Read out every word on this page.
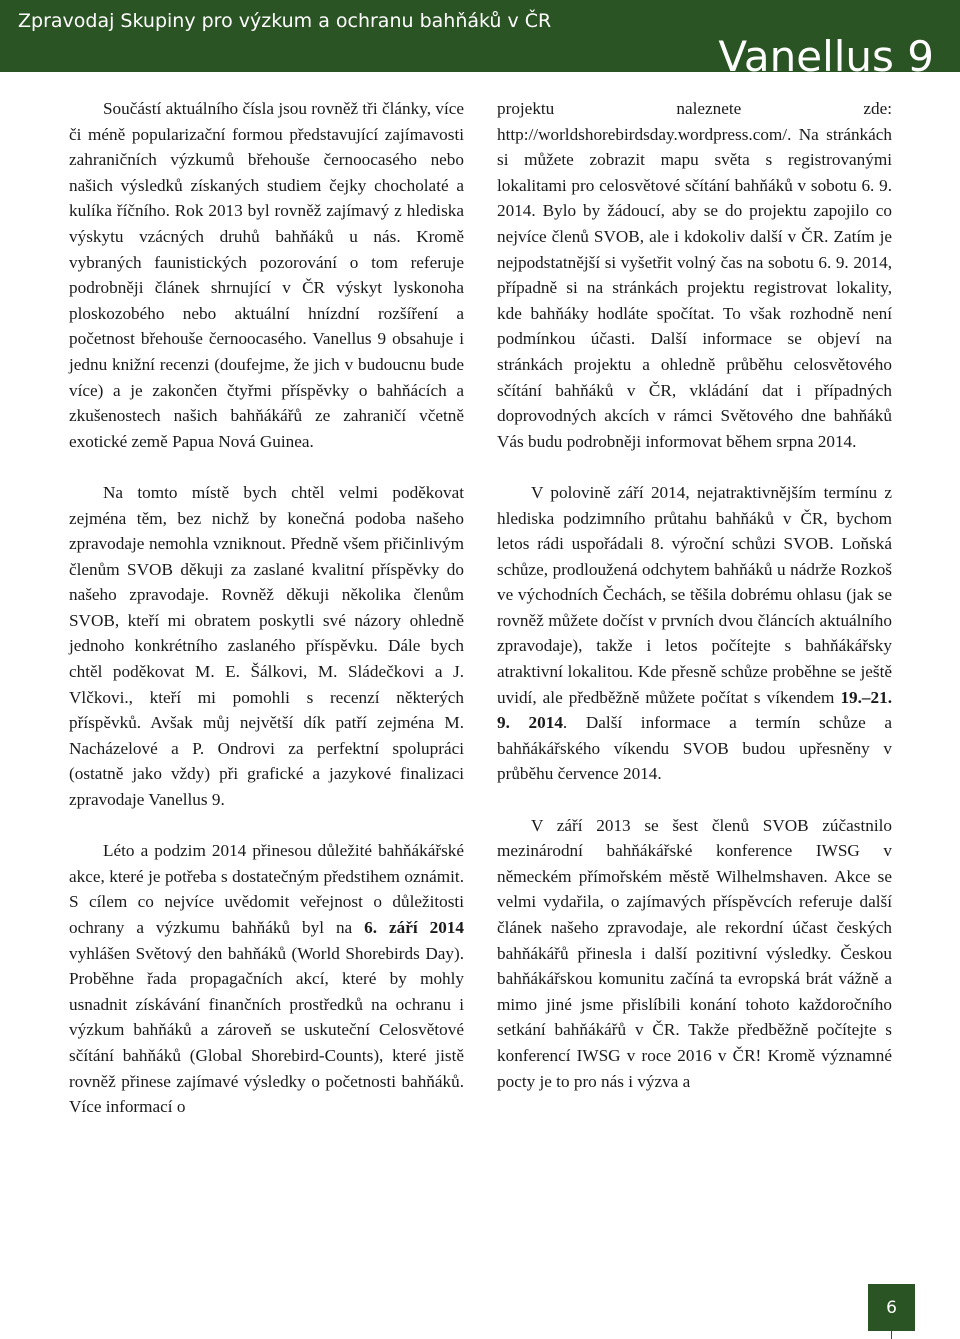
Zpravodaj Skupiny pro výzkum a ochranu bahňáků v ČR
Vanellus 9

Součástí aktuálního čísla jsou rovněž tři články, více či méně popularizační formou představující zajímavosti zahraničních výzkumů břehouše černoocasého nebo našich výsledků získaných studiem čejky chocholaté a kulíka říčního. Rok 2013 byl rovněž zajímavý z hlediska výskytu vzácných druhů bahňáků u nás. Kromě vybraných faunistických pozorování o tom referuje podrobněji článek shrnující v ČR výskyt lyskonoha ploskozobého nebo aktuální hnízdní rozšíření a početnost břehouše černoocasého. Vanellus 9 obsahuje i jednu knižní recenzi (doufejme, že jich v budoucnu bude více) a je zakončen čtyřmi příspěvky o bahňácích a zkušenostech našich bahňákářů ze zahraničí včetně exotické země Papua Nová Guinea.

Na tomto místě bych chtěl velmi poděkovat zejména těm, bez nichž by konečná podoba našeho zpravodaje nemohla vzniknout. Předně všem přičinlivým členům SVOB děkuji za zaslané kvalitní příspěvky do našeho zpravodaje. Rovněž děkuji několika členům SVOB, kteří mi obratem poskytli své názory ohledně jednoho konkrétního zaslaného příspěvku. Dále bych chtěl poděkovat M. E. Šálkovi, M. Sládečkovi a J. Vlčkovi., kteří mi pomohli s recenzí některých příspěvků. Avšak můj největší dík patří zejména M. Nacházelové a P. Ondrovi za perfektní spolupráci (ostatně jako vždy) při grafické a jazykové finalizaci zpravodaje Vanellus 9.

Léto a podzim 2014 přinesou důležité bahňákářské akce, které je potřeba s dostatečným předstihem oznámit. S cílem co nejvíce uvědomit veřejnost o důležitosti ochrany a výzkumu bahňáků byl na 6. září 2014 vyhlášen Světový den bahňáků (World Shorebirds Day). Proběhne řada propagačních akcí, které by mohly usnadnit získávání finančních prostředků na ochranu i výzkum bahňáků a zároveň se uskuteční Celosvětové sčítání bahňáků (Global Shorebird-Counts), které jistě rovněž přinese zajímavé výsledky o početnosti bahňáků. Více informací o

projektu naleznete zde: http://worldshorebirdsday.wordpress.com/. Na stránkách si můžete zobrazit mapu světa s registrovanými lokalitami pro celosvětové sčítání bahňáků v sobotu 6. 9. 2014. Bylo by žádoucí, aby se do projektu zapojilo co nejvíce členů SVOB, ale i kdokoliv další v ČR. Zatím je nejpodstatnější si vyšetřit volný čas na sobotu 6. 9. 2014, případně si na stránkách projektu registrovat lokality, kde bahňáky hodláte spočítat. To však rozhodně není podmínkou účasti. Další informace se objeví na stránkách projektu a ohledně průběhu celosvětového sčítání bahňáků v ČR, vkládání dat i případných doprovodných akcích v rámci Světového dne bahňáků Vás budu podrobněji informovat během srpna 2014.

V polovině září 2014, nejatraktivnějším termínu z hlediska podzimního průtahu bahňáků v ČR, bychom letos rádi uspořádali 8. výroční schůzi SVOB. Loňská schůze, prodloužená odchytem bahňáků u nádrže Rozkoš ve východních Čechách, se těšila dobrému ohlasu (jak se rovněž můžete dočíst v prvních dvou článcích aktuálního zpravodaje), takže i letos počítejte s bahňákářsky atraktivní lokalitou. Kde přesně schůze proběhne se ještě uvidí, ale předběžně můžete počítat s víkendem 19.–21. 9. 2014. Další informace a termín schůze a bahňákářského víkendu SVOB budou upřesněny v průběhu července 2014.

V září 2013 se šest členů SVOB zúčastnilo mezinárodní bahňákářské konference IWSG v německém přímořském městě Wilhelmshaven. Akce se velmi vydařila, o zajímavých příspěvcích referuje další článek našeho zpravodaje, ale rekordní účast českých bahňákářů přinesla i další pozitivní výsledky. Českou bahňákářskou komunitu začíná ta evropská brát vážně a mimo jiné jsme přislíbili konání tohoto každoročního setkání bahňákářů v ČR. Takže předběžně počítejte s konferencí IWSG v roce 2016 v ČR! Kromě významné pocty je to pro nás i výzva a

6
